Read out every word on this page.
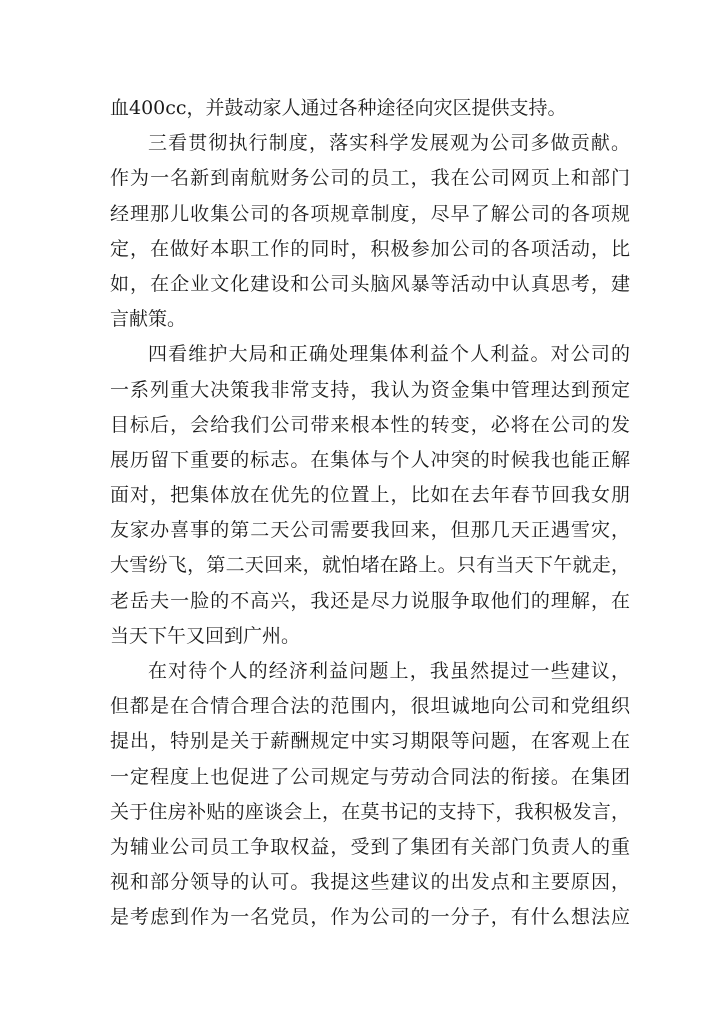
血400cc，并鼓动家人通过各种途径向灾区提供支持。
三看贯彻执行制度，落实科学发展观为公司多做贡献。
作为一名新到南航财务公司的员工，我在公司网页上和部门
经理那儿收集公司的各项规章制度，尽早了解公司的各项规
定，在做好本职工作的同时，积极参加公司的各项活动，比
如，在企业文化建设和公司头脑风暴等活动中认真思考，建
言献策。
四看维护大局和正确处理集体利益个人利益。对公司的
一系列重大决策我非常支持，我认为资金集中管理达到预定
目标后，会给我们公司带来根本性的转变，必将在公司的发
展历留下重要的标志。在集体与个人冲突的时候我也能正解
面对，把集体放在优先的位置上，比如在去年春节回我女朋
友家办喜事的第二天公司需要我回来，但那几天正遇雪灾，
大雪纷飞，第二天回来，就怕堵在路上。只有当天下午就走，
老岳夫一脸的不高兴，我还是尽力说服争取他们的理解，在
当天下午又回到广州。
在对待个人的经济利益问题上，我虽然提过一些建议，
但都是在合情合理合法的范围内，很坦诚地向公司和党组织
提出，特别是关于薪酬规定中实习期限等问题，在客观上在
一定程度上也促进了公司规定与劳动合同法的衔接。在集团
关于住房补贴的座谈会上，在莫书记的支持下，我积极发言，
为辅业公司员工争取权益，受到了集团有关部门负责人的重
视和部分领导的认可。我提这些建议的出发点和主要原因，
是考虑到作为一名党员，作为公司的一分子，有什么想法应
